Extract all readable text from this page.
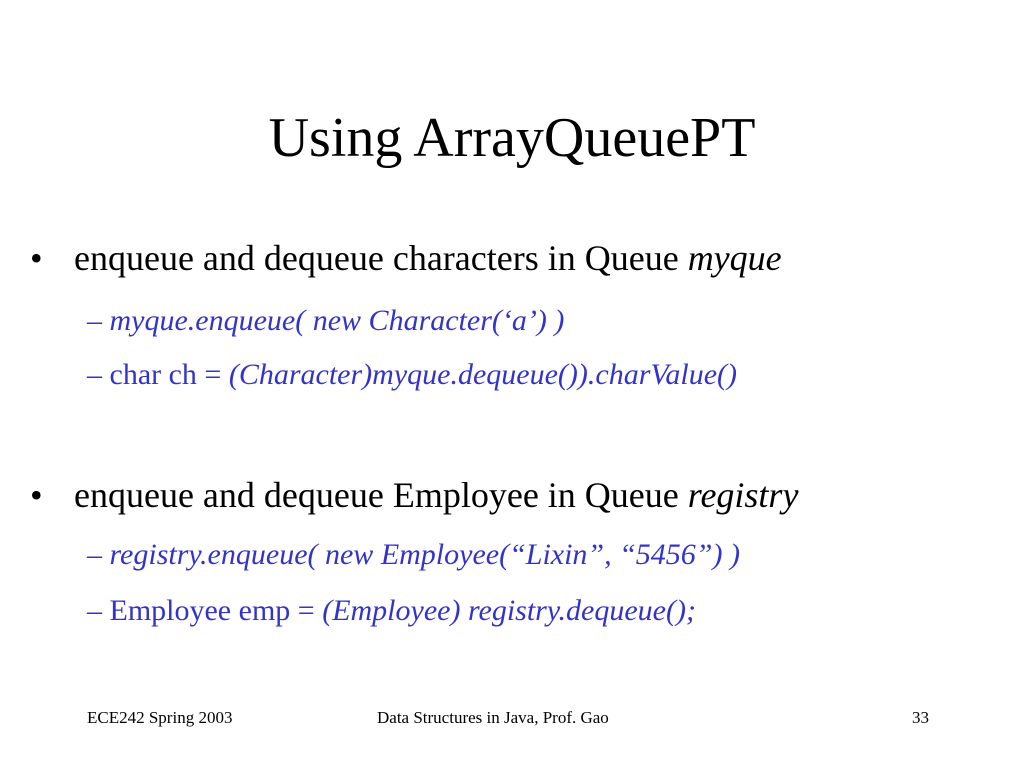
Using ArrayQueuePT
• enqueue and dequeue characters in Queue myque
– myque.enqueue( new Character(‘a’) )
– char ch = (Character)myque.dequeue()).charValue()
• enqueue and dequeue Employee in Queue registry
– registry.enqueue( new Employee(“Lixin”, “5456”) )
– Employee emp = (Employee) registry.dequeue();
ECE242 Spring 2003	Data Structures in Java, Prof. Gao	33
